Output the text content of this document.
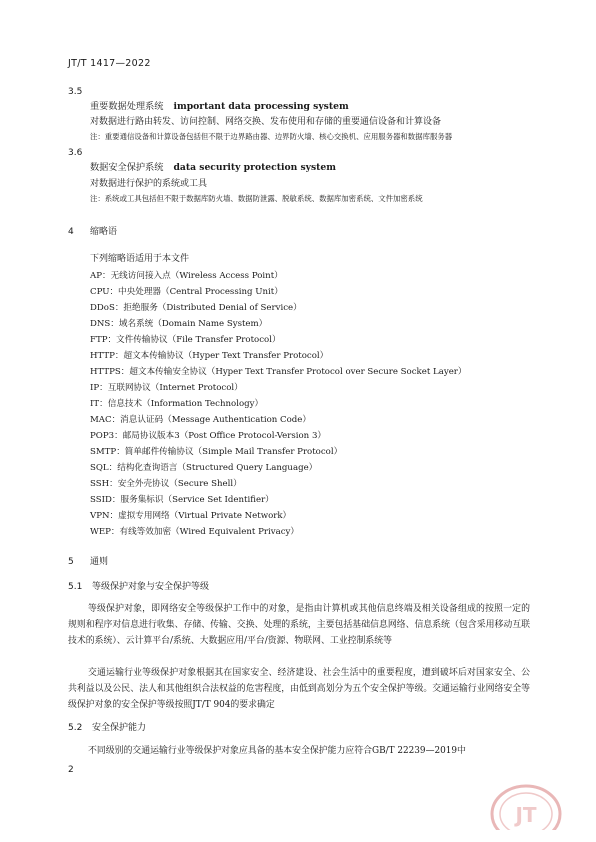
JT/T 1417—2022
3.5
重要数据处理系统 important data processing system
对数据进行路由转发、访问控制、网络交换、发布使用和存储的重要通信设备和计算设备
注：重要通信设备和计算设备包括但不限于边界路由器、边界防火墙、核心交换机、应用服务器和数据库服务器
3.6
数据安全保护系统 data security protection system
对数据进行保护的系统或工具
注：系统或工具包括但不限于数据库防火墙、数据防泄露、脱敏系统、数据库加密系统、文件加密系统
4 缩略语
下列缩略语适用于本文件
AP：无线访问接入点（Wireless Access Point）
CPU：中央处理器（Central Processing Unit）
DDoS：拒绝服务（Distributed Denial of Service）
DNS：域名系统（Domain Name System）
FTP：文件传输协议（File Transfer Protocol）
HTTP：超文本传输协议（Hyper Text Transfer Protocol）
HTTPS：超文本传输安全协议（Hyper Text Transfer Protocol over Secure Socket Layer）
IP：互联网协议（Internet Protocol）
IT：信息技术（Information Technology）
MAC：消息认证码（Message Authentication Code）
POP3：邮局协议版本3（Post Office Protocol-Version 3）
SMTP：简单邮件传输协议（Simple Mail Transfer Protocol）
SQL：结构化查询语言（Structured Query Language）
SSH：安全外壳协议（Secure Shell）
SSID：服务集标识（Service Set Identifier）
VPN：虚拟专用网络（Virtual Private Network）
WEP：有线等效加密（Wired Equivalent Privacy）
5 通则
5.1 等级保护对象与安全保护等级
等级保护对象，即网络安全等级保护工作中的对象，是指由计算机或其他信息终端及相关设备组成的按照一定的规则和程序对信息进行收集、存储、传输、交换、处理的系统，主要包括基础信息网络、信息系统（包含采用移动互联技术的系统）、云计算平台/系统、大数据应用/平台/资源、物联网、工业控制系统等
交通运输行业等级保护对象根据其在国家安全、经济建设、社会生活中的重要程度，遭到破坏后对国家安全、公共利益以及公民、法人和其他组织合法权益的危害程度，由低到高划分为五个安全保护等级。交通运输行业网络安全等级保护对象的安全保护等级按照JT/T 904的要求确定
5.2 安全保护能力
不同级别的交通运输行业等级保护对象应具备的基本安全保护能力应符合GB/T 22239—2019中
2
JT
